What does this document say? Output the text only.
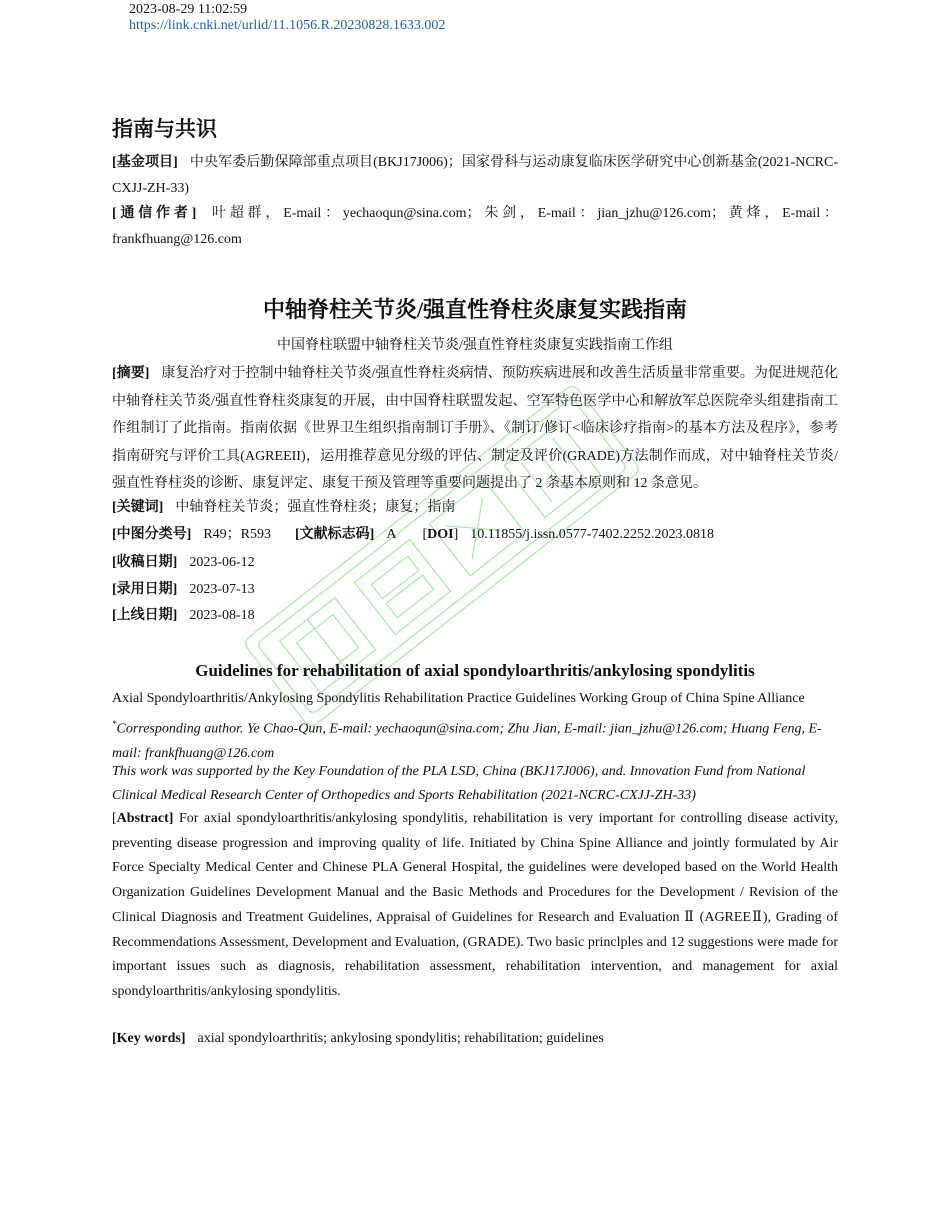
2023-08-29 11:02:59
https://link.cnki.net/urlid/11.1056.R.20230828.1633.002
指南与共识
[基金项目] 中央军委后勤保障部重点项目(BKJ17J006)；国家骨科与运动康复临床医学研究中心创新基金(2021-NCRC-CXJJ-ZH-33)
[通信作者] 叶超群，E-mail：yechaoqun@sina.com；朱剑，E-mail：jian_jzhu@126.com；黄烽，E-mail：frankfhuang@126.com
中轴脊柱关节炎/强直性脊柱炎康复实践指南
中国脊柱联盟中轴脊柱关节炎/强直性脊柱炎康复实践指南工作组
[摘要] 康复治疗对于控制中轴脊柱关节炎/强直性脊柱炎病情、预防疾病进展和改善生活质量非常重要。为促进规范化中轴脊柱关节炎/强直性脊柱炎康复的开展，由中国脊柱联盟发起、空军特色医学中心和解放军总医院牵头组建指南工作组制订了此指南。指南依据《世界卫生组织指南制订手册》、《制订/修订<临床诊疗指南>的基本方法及程序》，参考指南研究与评价工具(AGREEII)，运用推荐意见分级的评估、制定及评价(GRADE)方法制作而成，对中轴脊柱关节炎/强直性脊柱炎的诊断、康复评定、康复干预及管理等重要问题提出了 2 条基本原则和 12 条意见。
[关键词] 中轴脊柱关节炎；强直性脊柱炎；康复；指南
[中图分类号] R49；R593 [文献标志码] A [DOI] 10.11855/j.issn.0577-7402.2252.2023.0818
[收稿日期] 2023-06-12
[录用日期] 2023-07-13
[上线日期] 2023-08-18
Guidelines for rehabilitation of axial spondyloarthritis/ankylosing spondylitis
Axial Spondyloarthritis/Ankylosing Spondylitis Rehabilitation Practice Guidelines Working Group of China Spine Alliance
*Corresponding author. Ye Chao-Qun, E-mail: yechaoqun@sina.com; Zhu Jian, E-mail: jian_jzhu@126.com; Huang Feng, E-mail: frankfhuang@126.com
This work was supported by the Key Foundation of the PLA LSD, China (BKJ17J006), and. Innovation Fund from National Clinical Medical Research Center of Orthopedics and Sports Rehabilitation (2021-NCRC-CXJJ-ZH-33)
[Abstract] For axial spondyloarthritis/ankylosing spondylitis, rehabilitation is very important for controlling disease activity, preventing disease progression and improving quality of life. Initiated by China Spine Alliance and jointly formulated by Air Force Specialty Medical Center and Chinese PLA General Hospital, the guidelines were developed based on the World Health Organization Guidelines Development Manual and the Basic Methods and Procedures for the Development / Revision of the Clinical Diagnosis and Treatment Guidelines, Appraisal of Guidelines for Research and Evaluation Ⅱ (AGREEⅡ), Grading of Recommendations Assessment, Development and Evaluation, (GRADE). Two basic princlples and 12 suggestions were made for important issues such as diagnosis, rehabilitation assessment, rehabilitation intervention, and management for axial spondyloarthritis/ankylosing spondylitis.
[Key words] axial spondyloarthritis; ankylosing spondylitis; rehabilitation; guidelines
